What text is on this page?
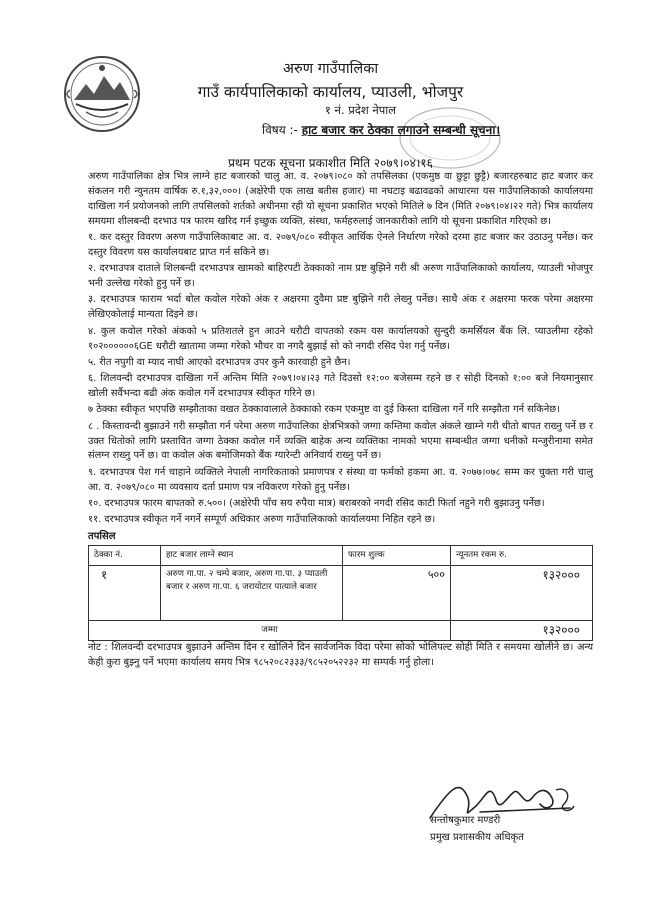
अरुण गाउँपालिका
गाउँ कार्यपालिकाको कार्यालय, प्याउली, भोजपुर
१ नं. प्रदेश नेपाल
विषय :- हाट बजार कर ठेक्का लगाउने सम्बन्धी सूचना।
प्रथम पटक सूचना प्रकाशीत मिति २०७९।०४।१६

अरुण गाउँपालिका क्षेत्र भित्र लाग्ने हाट बजारको चालु आ. व. २०७९।०८० को तपसिलका (एकमुष्ठ वा छुट्टा छुट्टै) बजारहरुबाट हाट बजार कर संकलन गरी न्युनतम वार्षिक रु.१,३२,०००। (अक्षेरेपी एक लाख बतीस हजार) मा नघटाइ बढावढको आधारमा यस गाउँपालिकाको कार्यालयमा दाखिला गर्न प्रयोजनको लागि तपसिलको शर्तको अधीनमा रही यो सूचना प्रकाशित भएको मितिले ७ दिन (मिति २०७९।०४।२२ गते) भित्र कार्यालय समयमा शीलबन्दी दरभाउ पत्र फारम खरिद गर्न इच्छुक व्यक्ति, संस्था, फर्महरुलाई जानकारीको लागि यो सूचना प्रकाशित गरिएको छ।

१. कर दस्तुर विवरण अरुण गाउँपालिकाबाट आ. व. २०७९/०८० स्वीकृत आर्थिक ऐनले निर्धारण गरेको दरमा हाट बजार कर उठाउनु पर्नेछ। कर दस्तुर विवरण यस कार्यालयबाट प्राप्त गर्न सकिने छ।

२. दरभाउपत्र दाताले शिलबन्दी दरभाउपत्र खामको बाहिरपटी ठेक्काको नाम प्रष्ट बुझिने गरी श्री अरुण गाउँपालिकाको कार्यालय, प्याउली भोजपुर भनी उल्लेख गरेको हुनु पर्ने छ।

३. दरभाउपत्र फाराम भर्दा बोल कवोल गरेको अंक र अक्षरमा दुवैमा प्रष्ट बुझिने गरी लेख्नु पर्नेछ। साथै अंक र अक्षरमा फरक परेमा अक्षरमा लेखिएकोलाई मान्यता दिइने छ।

४. कुल कवोल गरेको अंकको ५ प्रतिशतले हुन आउने धरौटी वापतको रकम यस कार्यालयको सुन्दुरी कमर्सियल बैंक लि. प्याउलीमा रहेको १०२००००००६GE धरौटी खातामा जम्मा गरेको भौचर वा नगदै बुझाई सो को नगदी रसिद पेश गर्नु पर्नेछ।

५. रीत नपुगी वा म्याद नाघी आएको दरभाउपत्र उपर कुनै कारवाही हुने छैन।

६. शिलवन्दी दरभाउपत्र दाखिला गर्ने अन्तिम मिति २०७९।०४।२३ गते दिउसो १२:०० बजेसम्म रहने छ र सोही दिनको १:०० बजे नियमानुसार खोली सर्वैभन्दा बढी अंक कवोल गर्ने दरभाउपत्र स्वीकृत गरिने छ।

७ ठेक्का स्वीकृत भएपछि सम्झौताका वखत ठेक्कावालाले ठेक्काको रकम एकमुष्ट वा दुई किस्ता दाखिला गर्ने गरि सम्झौता गर्न सकिनेछ।

८ . किस्तावन्दी बुझाउने गरी सम्झौता गर्न परेमा अरुण गाउँपालिका क्षेत्रभित्रको जग्गा कम्तिमा कवोल अंकले खाम्ने गरी धीतो बापत राख्नु पर्ने छ र उक्त धितोको लागि प्रस्तावित जग्गा ठेक्का कवोल गर्ने व्यक्ति बाहेक अन्य व्यक्तिका नामको भएमा सम्बन्धीत जग्गा धनीको मन्जुरीनामा समेत संलग्न राख्नु पर्ने छ। वा कवोल अंक बमोजिमको बैंक ग्यारेन्टी अनिवार्य राख्नु पर्ने छ।

९. दरभाउपत्र पेश गर्न चाहाने व्यक्तिले नेपाली नागरिकताको प्रमाणपत्र र संस्था वा फर्मको हकमा आ. व. २०७७।०७८ सम्म कर चुक्ता गरी चालु आ. व. २०७९/०८० मा व्यवसाय दर्ता प्रमाण पत्र नविकरण गरेको हुनु पर्नेछ।

१०. दरभाउपत्र फारम बापतको रु.५००। (अक्षेरेपी पाँच सय रुपैया मात्र) बराबरको नगदी रसिद काटी फिर्ता नहुने गरी बुझाउनु पर्नेछ।

११. दरभाउपत्र स्वीकृत गर्ने नगर्ने सम्पूर्ण अधिकार अरुण गाउँपालिकाको कार्यालयमा निहित रहने छ।

तपसिल
ठेक्का नं.	हाट बजार लाग्ने स्थान	फारम शुल्क	न्यूनतम रकम रु.
१	अरुण गा.पा. २ चम्पे बजार, अरुण गा.पा. ३ प्याउली बजार र अरुण गा.पा. ६ जरायोटार पात्याले बजार	५००	१३२०००
जम्मा			१३२०००

नोट : शिलवन्दी दरभाउपत्र बुझाउने अन्तिम दिन र खोलिने दिन सार्वजनिक विदा परेमा सोको भोलिपल्ट सोही मिति र समयमा खोलीने छ। अन्य केही कुरा बुझ्नु पर्ने भएमा कार्यालय समय भित्र ९८५२०८२३३३/९८५२०५२२३२ मा सम्पर्क गर्नु होला।

सन्तोषकुमार मण्डरी
प्रमुख प्रशासकीय अधिकृत
